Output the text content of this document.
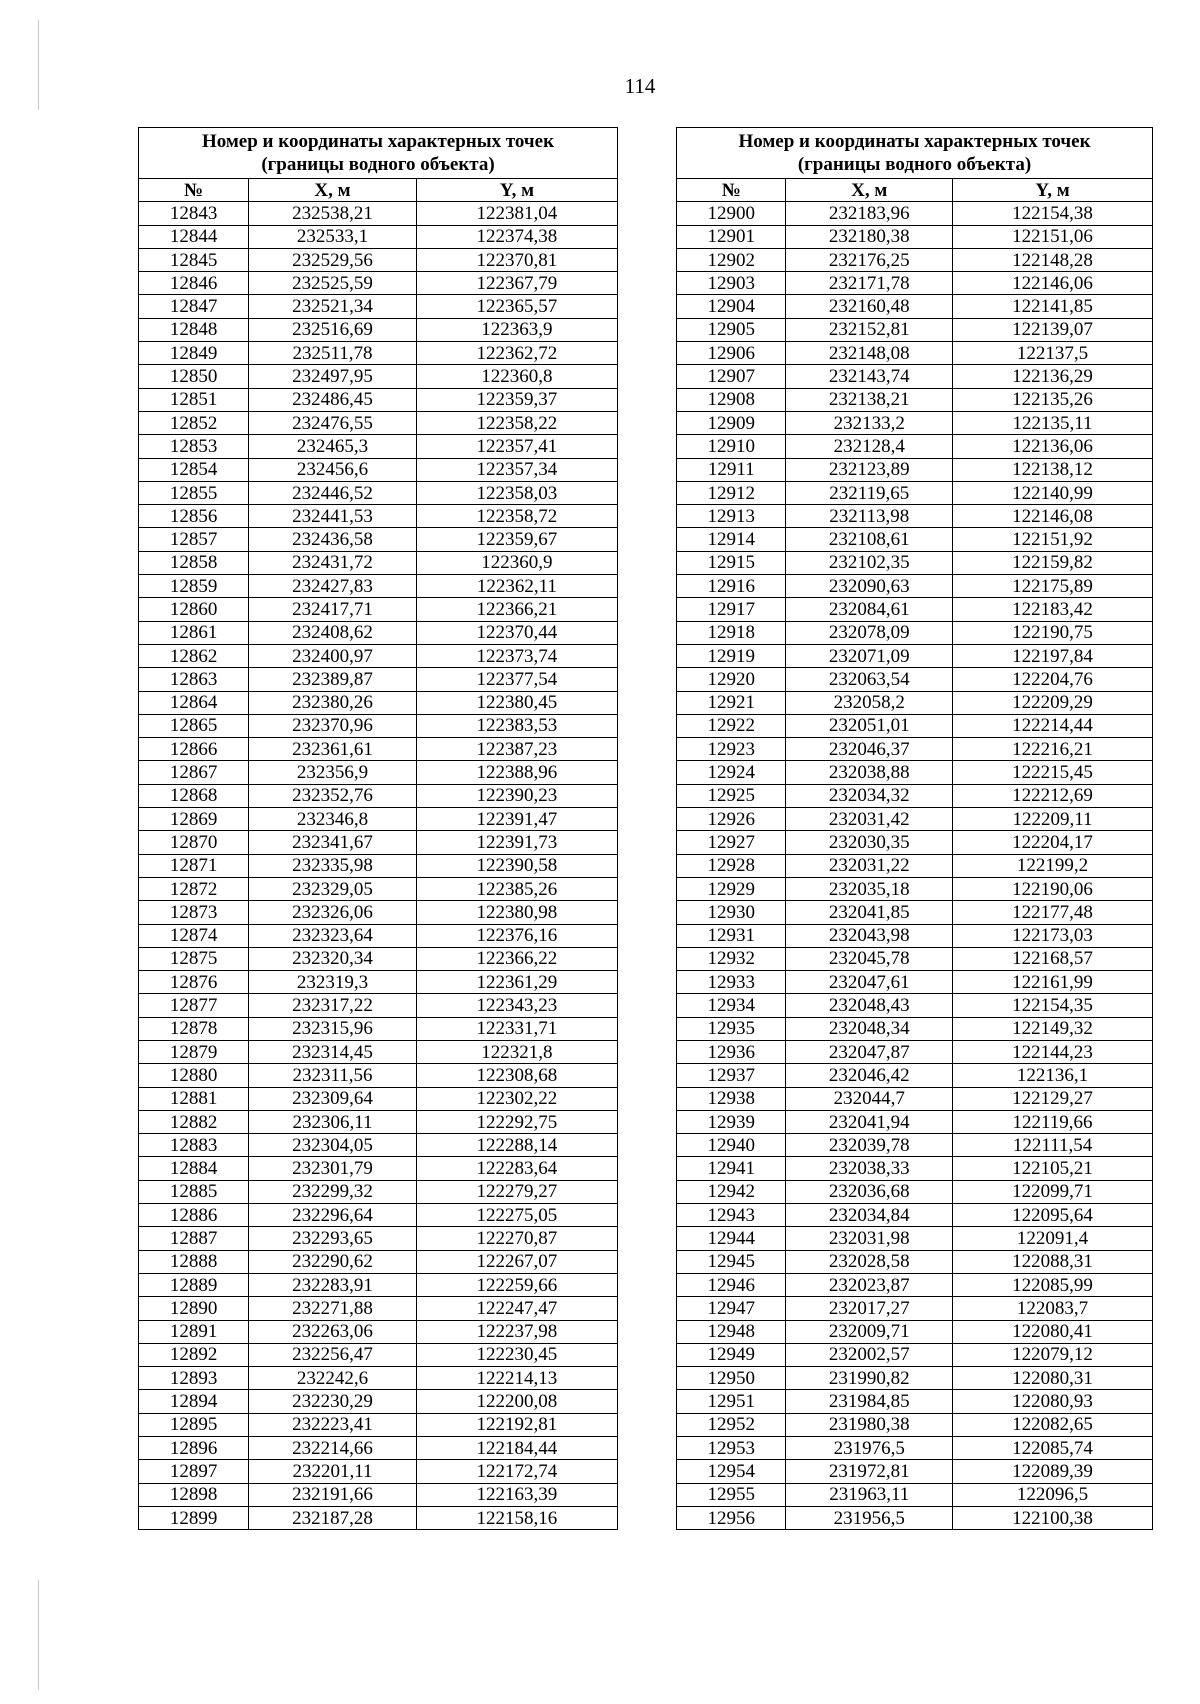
114
Номер и координаты характерных точек
(границы водного объекта)		
№	X, м	Y, м
12843	232538,21	122381,04
12844	232533,1	122374,38
12845	232529,56	122370,81
12846	232525,59	122367,79
12847	232521,34	122365,57
12848	232516,69	122363,9
12849	232511,78	122362,72
12850	232497,95	122360,8
12851	232486,45	122359,37
12852	232476,55	122358,22
12853	232465,3	122357,41
12854	232456,6	122357,34
12855	232446,52	122358,03
12856	232441,53	122358,72
12857	232436,58	122359,67
12858	232431,72	122360,9
12859	232427,83	122362,11
12860	232417,71	122366,21
12861	232408,62	122370,44
12862	232400,97	122373,74
12863	232389,87	122377,54
12864	232380,26	122380,45
12865	232370,96	122383,53
12866	232361,61	122387,23
12867	232356,9	122388,96
12868	232352,76	122390,23
12869	232346,8	122391,47
12870	232341,67	122391,73
12871	232335,98	122390,58
12872	232329,05	122385,26
12873	232326,06	122380,98
12874	232323,64	122376,16
12875	232320,34	122366,22
12876	232319,3	122361,29
12877	232317,22	122343,23
12878	232315,96	122331,71
12879	232314,45	122321,8
12880	232311,56	122308,68
12881	232309,64	122302,22
12882	232306,11	122292,75
12883	232304,05	122288,14
12884	232301,79	122283,64
12885	232299,32	122279,27
12886	232296,64	122275,05
12887	232293,65	122270,87
12888	232290,62	122267,07
12889	232283,91	122259,66
12890	232271,88	122247,47
12891	232263,06	122237,98
12892	232256,47	122230,45
12893	232242,6	122214,13
12894	232230,29	122200,08
12895	232223,41	122192,81
12896	232214,66	122184,44
12897	232201,11	122172,74
12898	232191,66	122163,39
12899	232187,28	122158,16
Номер и координаты характерных точек
(границы водного объекта)		
№	X, м	Y, м
12900	232183,96	122154,38
12901	232180,38	122151,06
12902	232176,25	122148,28
12903	232171,78	122146,06
12904	232160,48	122141,85
12905	232152,81	122139,07
12906	232148,08	122137,5
12907	232143,74	122136,29
12908	232138,21	122135,26
12909	232133,2	122135,11
12910	232128,4	122136,06
12911	232123,89	122138,12
12912	232119,65	122140,99
12913	232113,98	122146,08
12914	232108,61	122151,92
12915	232102,35	122159,82
12916	232090,63	122175,89
12917	232084,61	122183,42
12918	232078,09	122190,75
12919	232071,09	122197,84
12920	232063,54	122204,76
12921	232058,2	122209,29
12922	232051,01	122214,44
12923	232046,37	122216,21
12924	232038,88	122215,45
12925	232034,32	122212,69
12926	232031,42	122209,11
12927	232030,35	122204,17
12928	232031,22	122199,2
12929	232035,18	122190,06
12930	232041,85	122177,48
12931	232043,98	122173,03
12932	232045,78	122168,57
12933	232047,61	122161,99
12934	232048,43	122154,35
12935	232048,34	122149,32
12936	232047,87	122144,23
12937	232046,42	122136,1
12938	232044,7	122129,27
12939	232041,94	122119,66
12940	232039,78	122111,54
12941	232038,33	122105,21
12942	232036,68	122099,71
12943	232034,84	122095,64
12944	232031,98	122091,4
12945	232028,58	122088,31
12946	232023,87	122085,99
12947	232017,27	122083,7
12948	232009,71	122080,41
12949	232002,57	122079,12
12950	231990,82	122080,31
12951	231984,85	122080,93
12952	231980,38	122082,65
12953	231976,5	122085,74
12954	231972,81	122089,39
12955	231963,11	122096,5
12956	231956,5	122100,38
